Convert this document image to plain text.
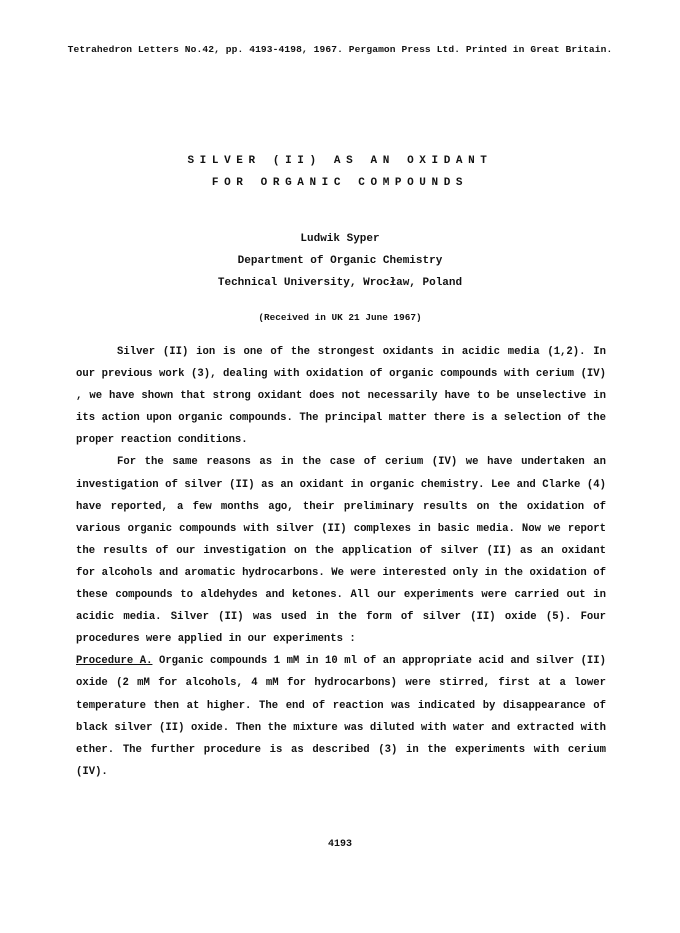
Tetrahedron Letters No.42, pp. 4193-4198, 1967. Pergamon Press Ltd. Printed in Great Britain.
SILVER (II) AS AN OXIDANT
FOR ORGANIC COMPOUNDS
Ludwik Syper
Department of Organic Chemistry
Technical University, Wrocław, Poland
(Received in UK 21 June 1967)

Silver (II) ion is one of the strongest oxidants in acidic media (1,2). In our previous work (3), dealing with oxidation of organic compounds with cerium (IV) , we have shown that strong oxidant does not necessarily have to be unselective in its action upon organic compounds. The principal matter there is a selection of the proper reaction conditions.

For the same reasons as in the case of cerium (IV) we have undertaken an investigation of silver (II) as an oxidant in organic chemistry. Lee and Clarke (4) have reported, a few months ago, their preliminary results on the oxidation of various organic compounds with silver (II) complexes in basic media. Now we report the results of our investigation on the application of silver (II) as an oxidant for alcohols and aromatic hydrocarbons. We were interested only in the oxidation of these compounds to aldehydes and ketones. All our experiments were carried out in acidic media. Silver (II) was used in the form of silver (II) oxide (5). Four procedures were applied in our experiments :

Procedure A. Organic compounds 1 mM in 10 ml of an appropriate acid and silver (II) oxide (2 mM for alcohols, 4 mM for hydrocarbons) were stirred, first at a lower temperature then at higher. The end of reaction was indicated by disappearance of black silver (II) oxide. Then the mixture was diluted with water and extracted with ether. The further procedure is as described (3) in the experiments with cerium (IV).

4193
